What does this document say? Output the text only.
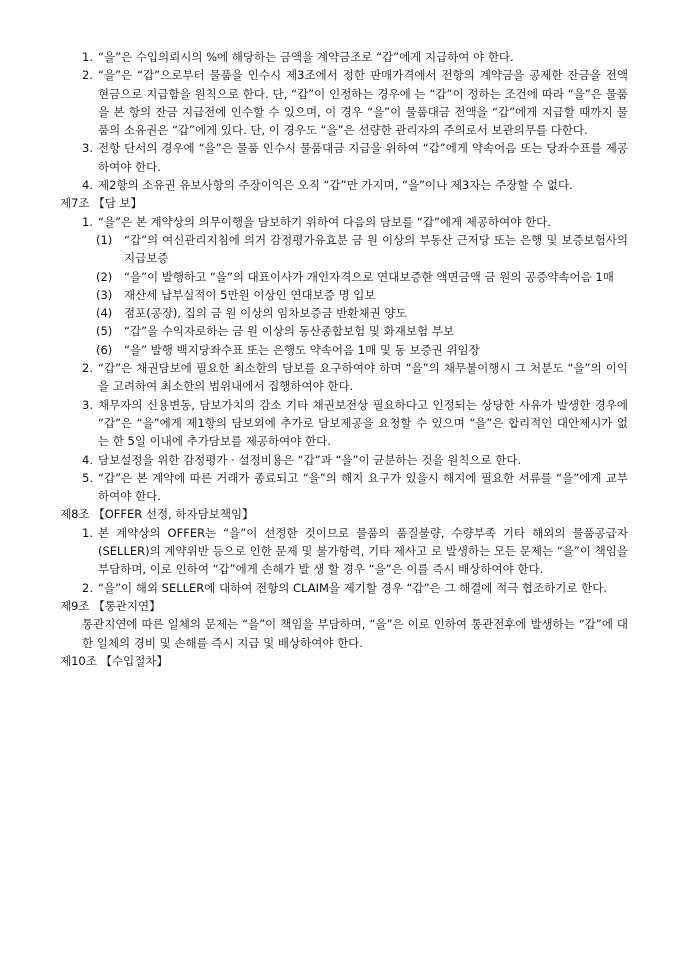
1. “을”은 수입의뢰시의 %에 해당하는 금액을 계약금조로 “갑”에게 지급하여 야 한다.
2. “을”은 “갑”으로부터 물품을 인수시 제3조에서 정한 판매가격에서 전항의 계약금을 공제한 잔금을 전액 현금으로 지급함을 원칙으로 한다. 단, “갑”이 인정하는 경우에 는 “갑”이 정하는 조건에 따라 “을”은 물품을 본 항의 잔금 지급전에 인수할 수 있으며, 이 경우 “을”이 물품대금 전액을 “갑”에게 지급할 때까지 물품의 소유권은 “갑”에게 있다. 단, 이 경우도 “을”은 선량한 관리자의 주의로서 보관의무를 다한다.
3. 전항 단서의 경우에 “을”은 물품 인수시 물품대금 지급을 위하여 “갑”에게 약속어음 또는 당좌수표를 제공하여야 한다.
4. 제2항의 소유권 유보사항의 주장이익은 오직 “갑”만 가지며, “을”이나 제3자는 주장할 수 없다.
제7조 【담 보】
1. “을”은 본 계약상의 의무이행을 담보하기 위하여 다음의 담보를 “갑”에게 제공하여야 한다.
(1) “갑”의 여신관리지침에 의거 감정평가유효분 금 원 이상의 부동산 근저당 또는 은행 및 보증보험사의 지급보증
(2) “을”이 발행하고 “을”의 대표이사가 개인자격으로 연대보증한 액면금액 금 원의 공증약속어음 1매
(3) 재산세 납부실적이 5만원 이상인 연대보증 명 입보
(4) 점포(공장), 집의 금 원 이상의 임차보증금 반환채권 양도
(5) “갑”을 수익자로하는 금 원 이상의 동산종합보험 및 화재보험 부보
(6) “을” 발행 백지당좌수표 또는 은행도 약속어음 1매 및 동 보증권 위임장
2. “갑”은 채권담보에 필요한 최소한의 담보를 요구하여야 하며 “을”의 채무불이행시 그 처분도 “을”의 이익을 고려하여 최소한의 범위내에서 집행하여야 한다.
3. 채무자의 신용변동, 담보가치의 감소 기타 채권보전상 필요하다고 인정되는 상당한 사유가 발생한 경우에 “갑”은 “을”에게 제1항의 담보외에 추가로 담보제공을 요청할 수 있으며 “을”은 합리적인 대안제시가 없는 한 5일 이내에 추가담보를 제공하여야 한다.
4. 담보설정을 위한 감정평가 · 설정비용은 “갑”과 “을”이 균분하는 것을 원칙으로 한다.
5. “갑”은 본 계약에 따른 거래가 종료되고 “을”의 해지 요구가 있을시 해지에 필요한 서류를 “을”에게 교부하여야 한다.
제8조 【OFFER 선정, 하자담보책임】
1. 본 계약상의 OFFER는 “을”이 선정한 것이므로 물품의 품질불량, 수량부족 기타 해외의 물품공급자(SELLER)의 계약위반 등으로 인한 문제 및 불가항력, 기타 제사고 로 발생하는 모든 문제는 “을”이 책임을 부담하며, 이로 인하여 “갑”에게 손해가 발 생 할 경우 “을”은 이를 즉시 배상하여야 한다.
2. “을”이 해외 SELLER에 대하여 전항의 CLAIM을 제기할 경우 “갑”은 그 해결에 적극 협조하기로 한다.
제9조 【통관지연】
통관지연에 따른 일체의 문제는 “을”이 책임을 부담하며, “을”은 이로 인하여 통관전후에 발생하는 “갑”에 대한 일체의 경비 및 손해를 즉시 지급 및 배상하여야 한다.
제10조 【수입절차】
